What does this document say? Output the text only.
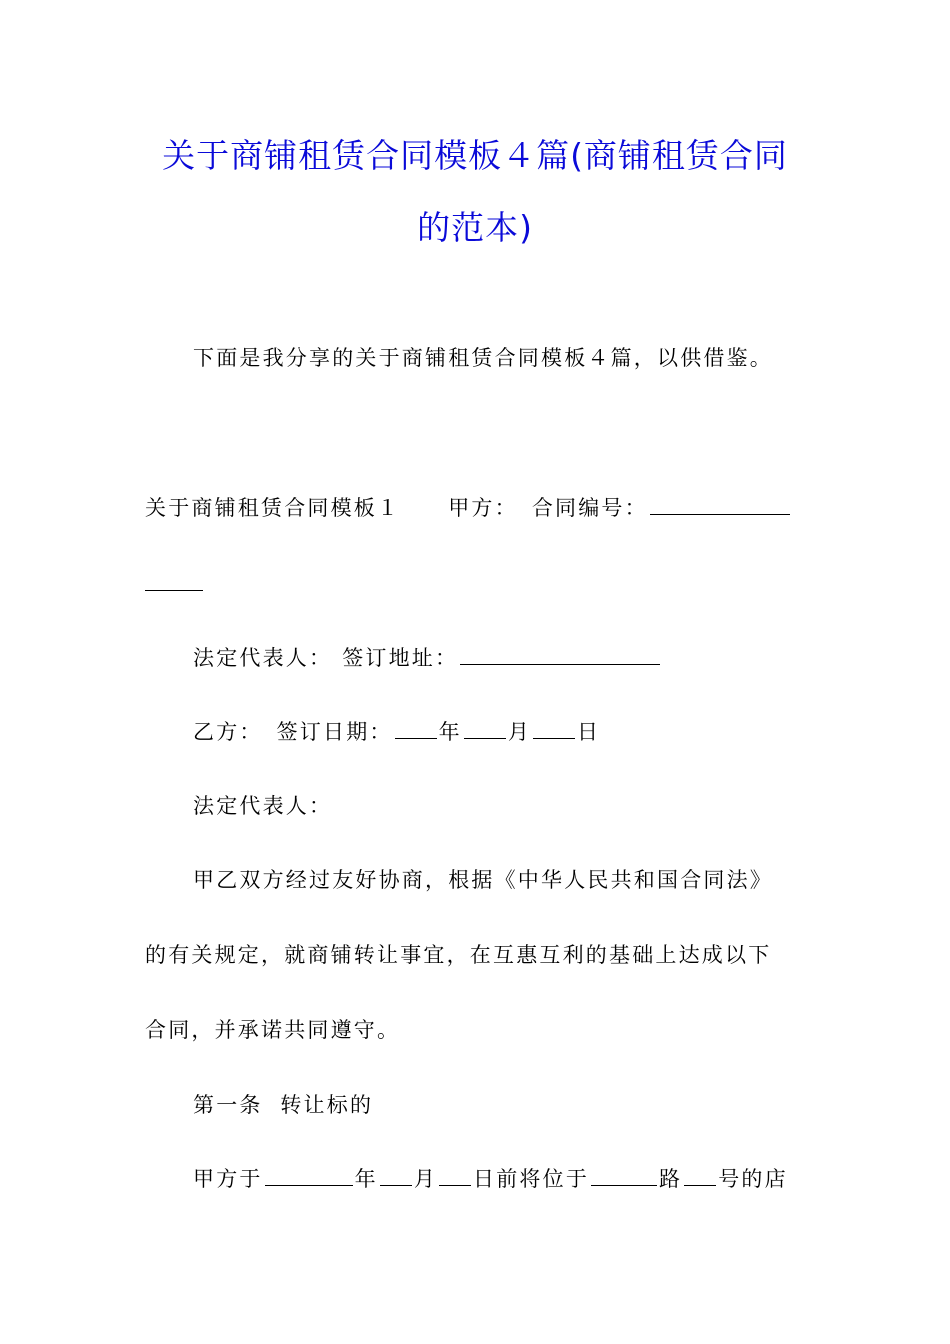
关于商铺租赁合同模板４篇(商铺租赁合同
的范本)
下面是我分享的关于商铺租赁合同模板４篇，以供借鉴。
关于商铺租赁合同模板１ 甲方： 合同编号：
法定代表人： 签订地址：
乙方： 签订日期： 年 月 日
法定代表人：
甲乙双方经过友好协商，根据《中华人民共和国合同法》
的有关规定，就商铺转让事宜，在互惠互利的基础上达成以下
合同，并承诺共同遵守。
第一条  转让标的
甲方于	年 月 日前将位于	路 号的店
